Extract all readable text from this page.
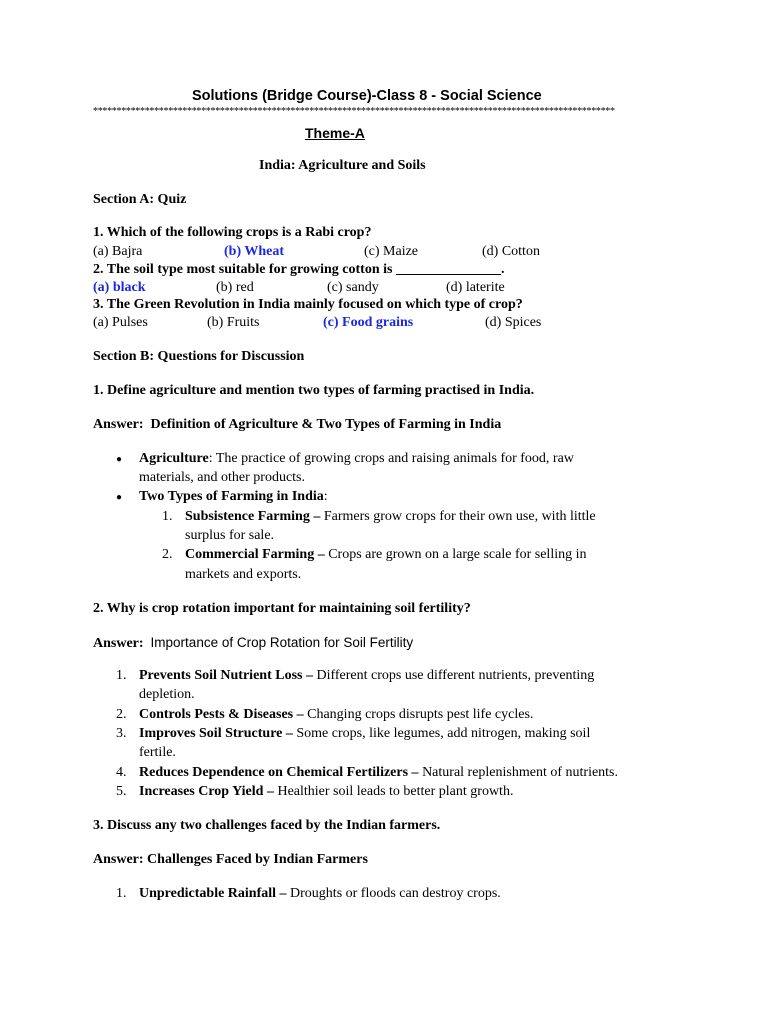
Solutions (Bridge Course)-Class 8 - Social Science
***************************************************************************************************************
Theme-A
India: Agriculture and Soils
Section A: Quiz
1. Which of the following crops is a Rabi crop?
(a) Bajra	(b) Wheat	(c) Maize	(d) Cotton
2. The soil type most suitable for growing cotton is _______________.
(a) black	(b) red	(c) sandy	(d) laterite
3. The Green Revolution in India mainly focused on which type of crop?
(a) Pulses	(b) Fruits	(c) Food grains	(d) Spices
Section B: Questions for Discussion
1. Define agriculture and mention two types of farming practised in India.
Answer: Definition of Agriculture & Two Types of Farming in India
●
Agriculture: The practice of growing crops and raising animals for food, raw
materials, and other products.
●
Two Types of Farming in India:
1. Subsistence Farming – Farmers grow crops for their own use, with little
surplus for sale.
2. Commercial Farming – Crops are grown on a large scale for selling in
markets and exports.
2. Why is crop rotation important for maintaining soil fertility?
Answer: Importance of Crop Rotation for Soil Fertility
1. Prevents Soil Nutrient Loss – Different crops use different nutrients, preventing
depletion.
2. Controls Pests & Diseases – Changing crops disrupts pest life cycles.
3. Improves Soil Structure – Some crops, like legumes, add nitrogen, making soil
fertile.
4. Reduces Dependence on Chemical Fertilizers – Natural replenishment of nutrients.
5. Increases Crop Yield – Healthier soil leads to better plant growth.
3. Discuss any two challenges faced by the Indian farmers.
Answer: Challenges Faced by Indian Farmers
1. Unpredictable Rainfall – Droughts or floods can destroy crops.
